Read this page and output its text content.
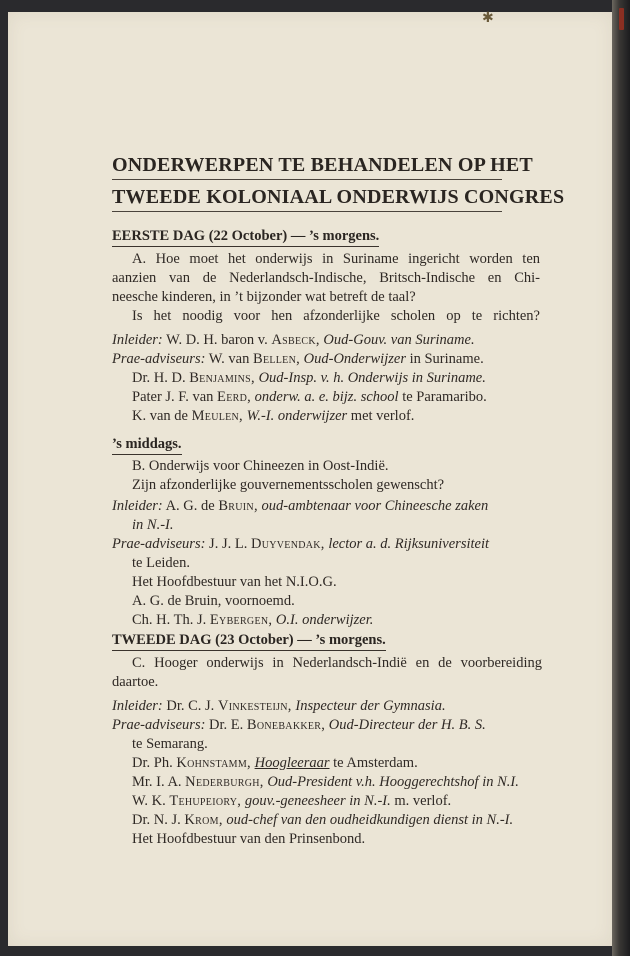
✱
ONDERWERPEN TE BEHANDELEN OP HET
TWEEDE KOLONIAAL ONDERWIJS CONGRES
EERSTE DAG (22 October) — ’s morgens.
A. Hoe moet het onderwijs in Suriname ingericht worden ten
aanzien van de Nederlandsch-Indische, Britsch-Indische en Chi-
neesche kinderen, in ’t bijzonder wat betreft de taal?
Is het noodig voor hen afzonderlijke scholen op te richten?
Inleider: W. D. H. baron v. Asbeck, Oud-Gouv. van Suriname.
Prae-adviseurs: W. van Bellen, Oud-Onderwijzer in Suriname.
Dr. H. D. Benjamins, Oud-Insp. v. h. Onderwijs in Suriname.
Pater J. F. van Eerd, onderw. a. e. bijz. school te Paramaribo.
K. van de Meulen, W.-I. onderwijzer met verlof.
’s middags.
B. Onderwijs voor Chineezen in Oost-Indië.
Zijn afzonderlijke gouvernementsscholen gewenscht?
Inleider: A. G. de Bruin, oud-ambtenaar voor Chineesche zaken
in N.-I.
Prae-adviseurs: J. J. L. Duyvendak, lector a. d. Rijksuniversiteit
te Leiden.
Het Hoofdbestuur van het N.I.O.G.
A. G. de Bruin, voornoemd.
Ch. H. Th. J. Eybergen, O.I. onderwijzer.
TWEEDE DAG (23 October) — ’s morgens.
C. Hooger onderwijs in Nederlandsch-Indië en de voorbereiding
daartoe.
Inleider: Dr. C. J. Vinkesteijn, Inspecteur der Gymnasia.
Prae-adviseurs: Dr. E. Bonebakker, Oud-Directeur der H. B. S.
te Semarang.
Dr. Ph. Kohnstamm, Hoogleeraar te Amsterdam.
Mr. I. A. Nederburgh, Oud-President v.h. Hooggerechtshof in N.I.
W. K. Tehupeiory, gouv.-geneesheer in N.-I. m. verlof.
Dr. N. J. Krom, oud-chef van den oudheidkundigen dienst in N.-I.
Het Hoofdbestuur van den Prinsenbond.
